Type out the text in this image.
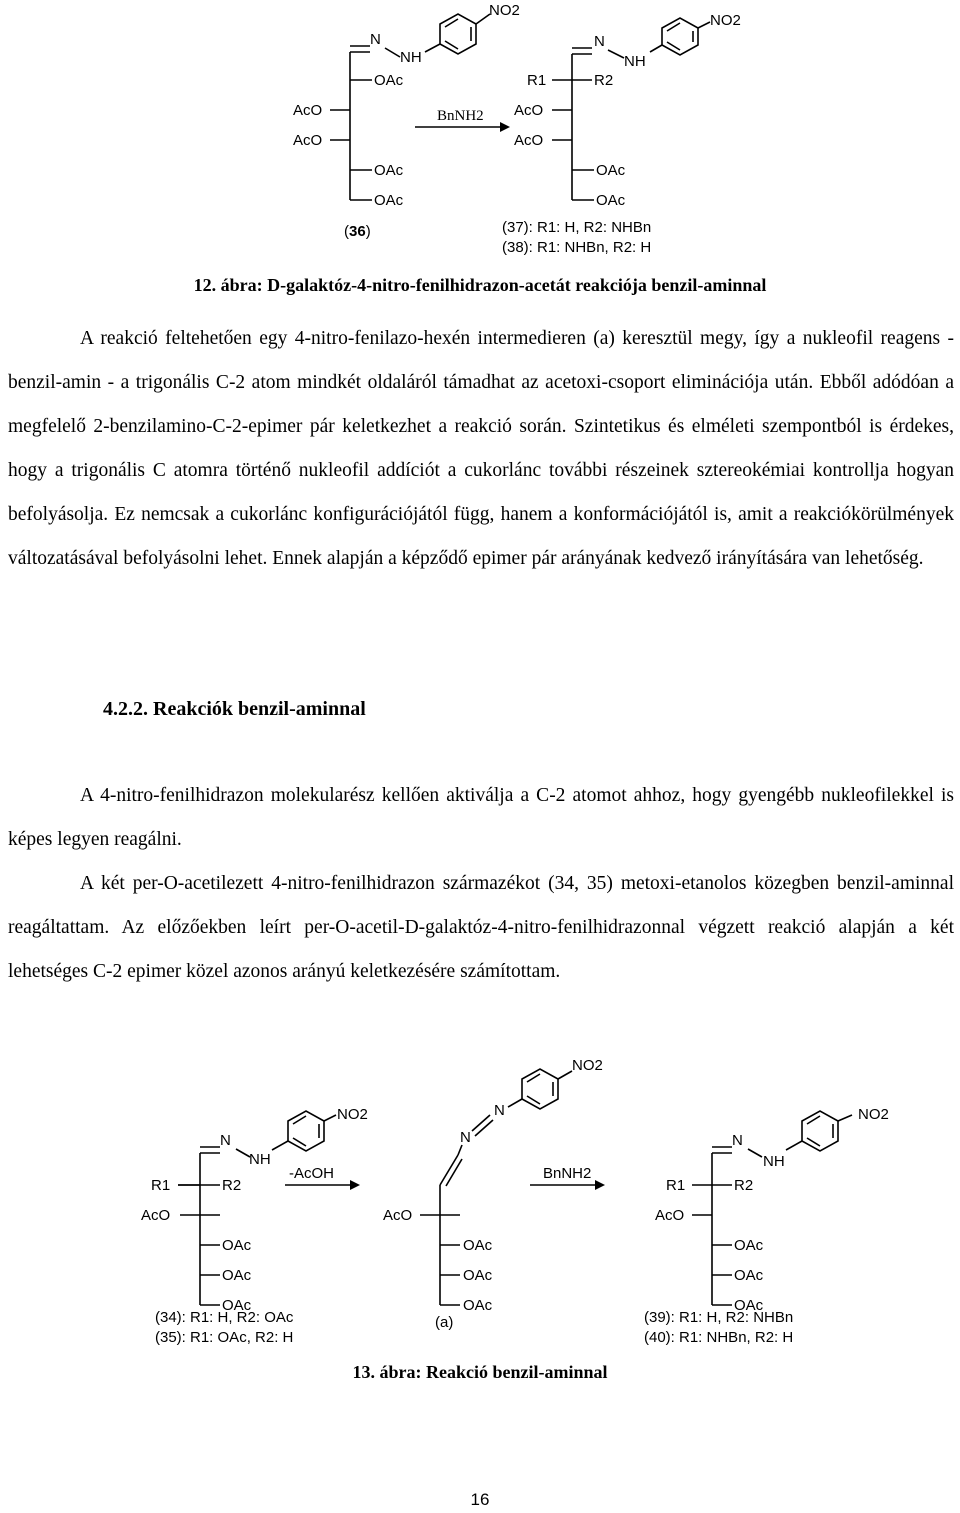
N
NH
NO2
OAc
AcO
AcO
OAc
OAc
(36)
BnNH2
N
NH
NO2
R1	R2
AcO
AcO
OAc
OAc
(37): R1: H, R2: NHBn
(38): R1: NHBn, R2: H
12. ábra: D-galaktóz-4-nitro-fenilhidrazon-acetát reakciója benzil-aminnal

A reakció feltehetően egy 4-nitro-fenilazo-hexén intermedieren (a) keresztül megy, így a nukleofil reagens - benzil-amin - a trigonális C-2 atom mindkét oldaláról támadhat az acetoxi-csoport eliminációja után. Ebből adódóan a megfelelő 2-benzilamino-C-2-epimer pár keletkezhet a reakció során. Szintetikus és elméleti szempontból is érdekes, hogy a trigonális C atomra történő nukleofil addíciót a cukorlánc további részeinek sztereokémiai kontrollja hogyan befolyásolja. Ez nemcsak a cukorlánc konfigurációjától függ, hanem a konformációjától is, amit a reakciókörülmények változatásával befolyásolni lehet. Ennek alapján a képződő epimer pár arányának kedvező irányítására van lehetőség.

4.2.2. Reakciók benzil-aminnal

A 4-nitro-fenilhidrazon molekularész kellően aktiválja a C-2 atomot ahhoz, hogy gyengébb nukleofilekkel is képes legyen reagálni.

A két per-O-acetilezett 4-nitro-fenilhidrazon származékot (34, 35) metoxi-etanolos közegben benzil-aminnal reagáltattam. Az előzőekben leírt per-O-acetil-D-galaktóz-4-nitro-fenilhidrazonnal végzett reakció alapján a két lehetséges C-2 epimer közel azonos arányú keletkezésére számítottam.

N
NH
NO2
R1	R2
AcO
OAc
OAc
OAc
-AcOH
N
N
NO2
AcO
OAc
OAc
OAc
BnNH2
N
NH
NO2
R1	R2
AcO
OAc
OAc
OAc
(34): R1: H, R2: OAc
(35): R1: OAc, R2: H
(a)	(39): R1: H, R2: NHBn
(40): R1: NHBn, R2: H
13. ábra: Reakció benzil-aminnal
16
